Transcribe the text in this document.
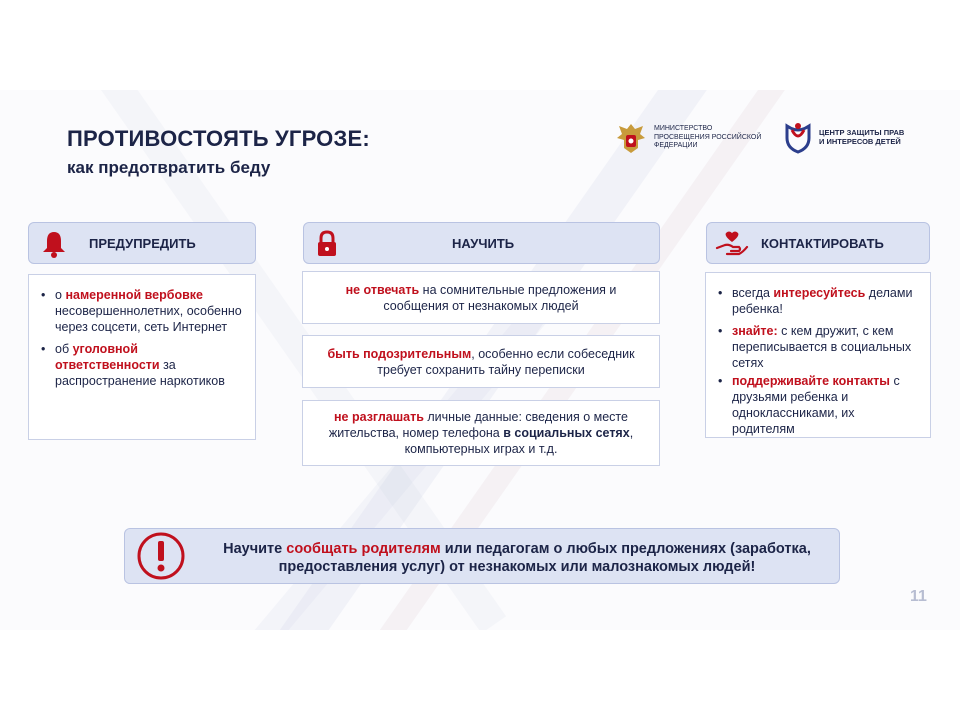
ПРОТИВОСТОЯТЬ УГРОЗЕ:
как предотвратить беду
МИНИСТЕРСТВО ПРОСВЕЩЕНИЯ РОССИЙСКОЙ ФЕДЕРАЦИИ
ЦЕНТР ЗАЩИТЫ ПРАВ И ИНТЕРЕСОВ ДЕТЕЙ
ПРЕДУПРЕДИТЬ	НАУЧИТЬ	КОНТАКТИРОВАТЬ
• о намеренной вербовке несовершеннолетних, особенно через соцсети, сеть Интернет
• об уголовной ответственности за распространение наркотиков
не отвечать на сомнительные предложения и сообщения от незнакомых людей
быть подозрительным, особенно если собеседник требует сохранить тайну переписки
не разглашать личные данные: сведения о месте жительства, номер телефона в социальных сетях, компьютерных играх и т.д.
• всегда интересуйтесь делами ребенка!
• знайте: с кем дружит, с кем переписывается в социальных сетях
• поддерживайте контакты с друзьями ребенка и одноклассниками, их родителям
Научите сообщать родителям или педагогам о любых предложениях (заработка, предоставления услуг) от незнакомых или малознакомых людей!
11
